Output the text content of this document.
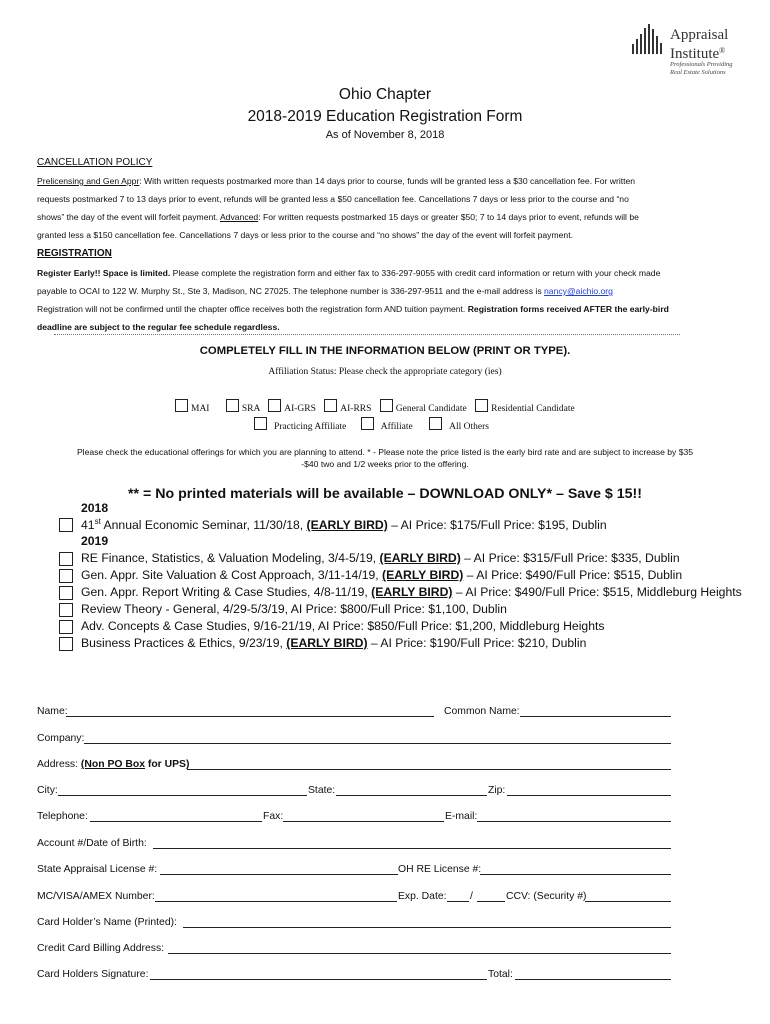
Appraisal
Institute®
Professionals Providing
Real Estate Solutions
Ohio Chapter
2018-2019 Education Registration Form
As of November 8, 2018
CANCELLATION POLICY
Prelicensing and Gen Appr: With written requests postmarked more than 14 days prior to course, funds will be granted less a $30 cancellation fee. For written
requests postmarked 7 to 13 days prior to event, refunds will be granted less a $50 cancellation fee. Cancellations 7 days or less prior to the course and “no
shows” the day of the event will forfeit payment. Advanced: For written requests postmarked 15 days or greater $50; 7 to 14 days prior to event, refunds will be
granted less a $150 cancellation fee. Cancellations 7 days or less prior to the course and “no shows” the day of the event will forfeit payment.
REGISTRATION
Register Early!! Space is limited. Please complete the registration form and either fax to 336-297-9055 with credit card information or return with your check made
payable to OCAI to 122 W. Murphy St., Ste 3, Madison, NC 27025. The telephone number is 336-297-9511 and the e-mail address is nancy@aichio.org
Registration will not be confirmed until the chapter office receives both the registration form AND tuition payment. Registration forms received AFTER the early-bird
deadline are subject to the regular fee schedule regardless.
COMPLETELY FILL IN THE INFORMATION BELOW (PRINT OR TYPE).
Affiliation Status: Please check the appropriate category (ies)
MAI	SRA	AI-GRS	AI-RRS	General Candidate	Residential Candidate
Practicing Affiliate	Affiliate	All Others
Please check the educational offerings for which you are planning to attend. * - Please note the price listed is the early bird rate and are subject to increase by $35
-$40 two and 1/2 weeks prior to the offering.
** = No printed materials will be available – DOWNLOAD ONLY* – Save $ 15!!
2018
41st Annual Economic Seminar, 11/30/18, (EARLY BIRD) – AI Price: $175/Full Price: $195, Dublin
2019
RE Finance, Statistics, & Valuation Modeling, 3/4-5/19, (EARLY BIRD) – AI Price: $315/Full Price: $335, Dublin
Gen. Appr. Site Valuation & Cost Approach, 3/11-14/19, (EARLY BIRD) – AI Price: $490/Full Price: $515, Dublin
Gen. Appr. Report Writing & Case Studies, 4/8-11/19, (EARLY BIRD) – AI Price: $490/Full Price: $515, Middleburg Heights
Review Theory - General, 4/29-5/3/19, AI Price: $800/Full Price: $1,100, Dublin
Adv. Concepts & Case Studies, 9/16-21/19, AI Price: $850/Full Price: $1,200, Middleburg Heights
Business Practices & Ethics, 9/23/19, (EARLY BIRD) – AI Price: $190/Full Price: $210, Dublin
Name:	Common Name:
Company:
Address: (Non PO Box for UPS)
City:	State:	Zip:
Telephone:	Fax:	E-mail:
Account #/Date of Birth:
State Appraisal License #:	OH RE License #:
MC/VISA/AMEX Number:	Exp. Date: /	CCV: (Security #)
Card Holder’s Name (Printed):
Credit Card Billing Address:
Card Holders Signature:	Total:
